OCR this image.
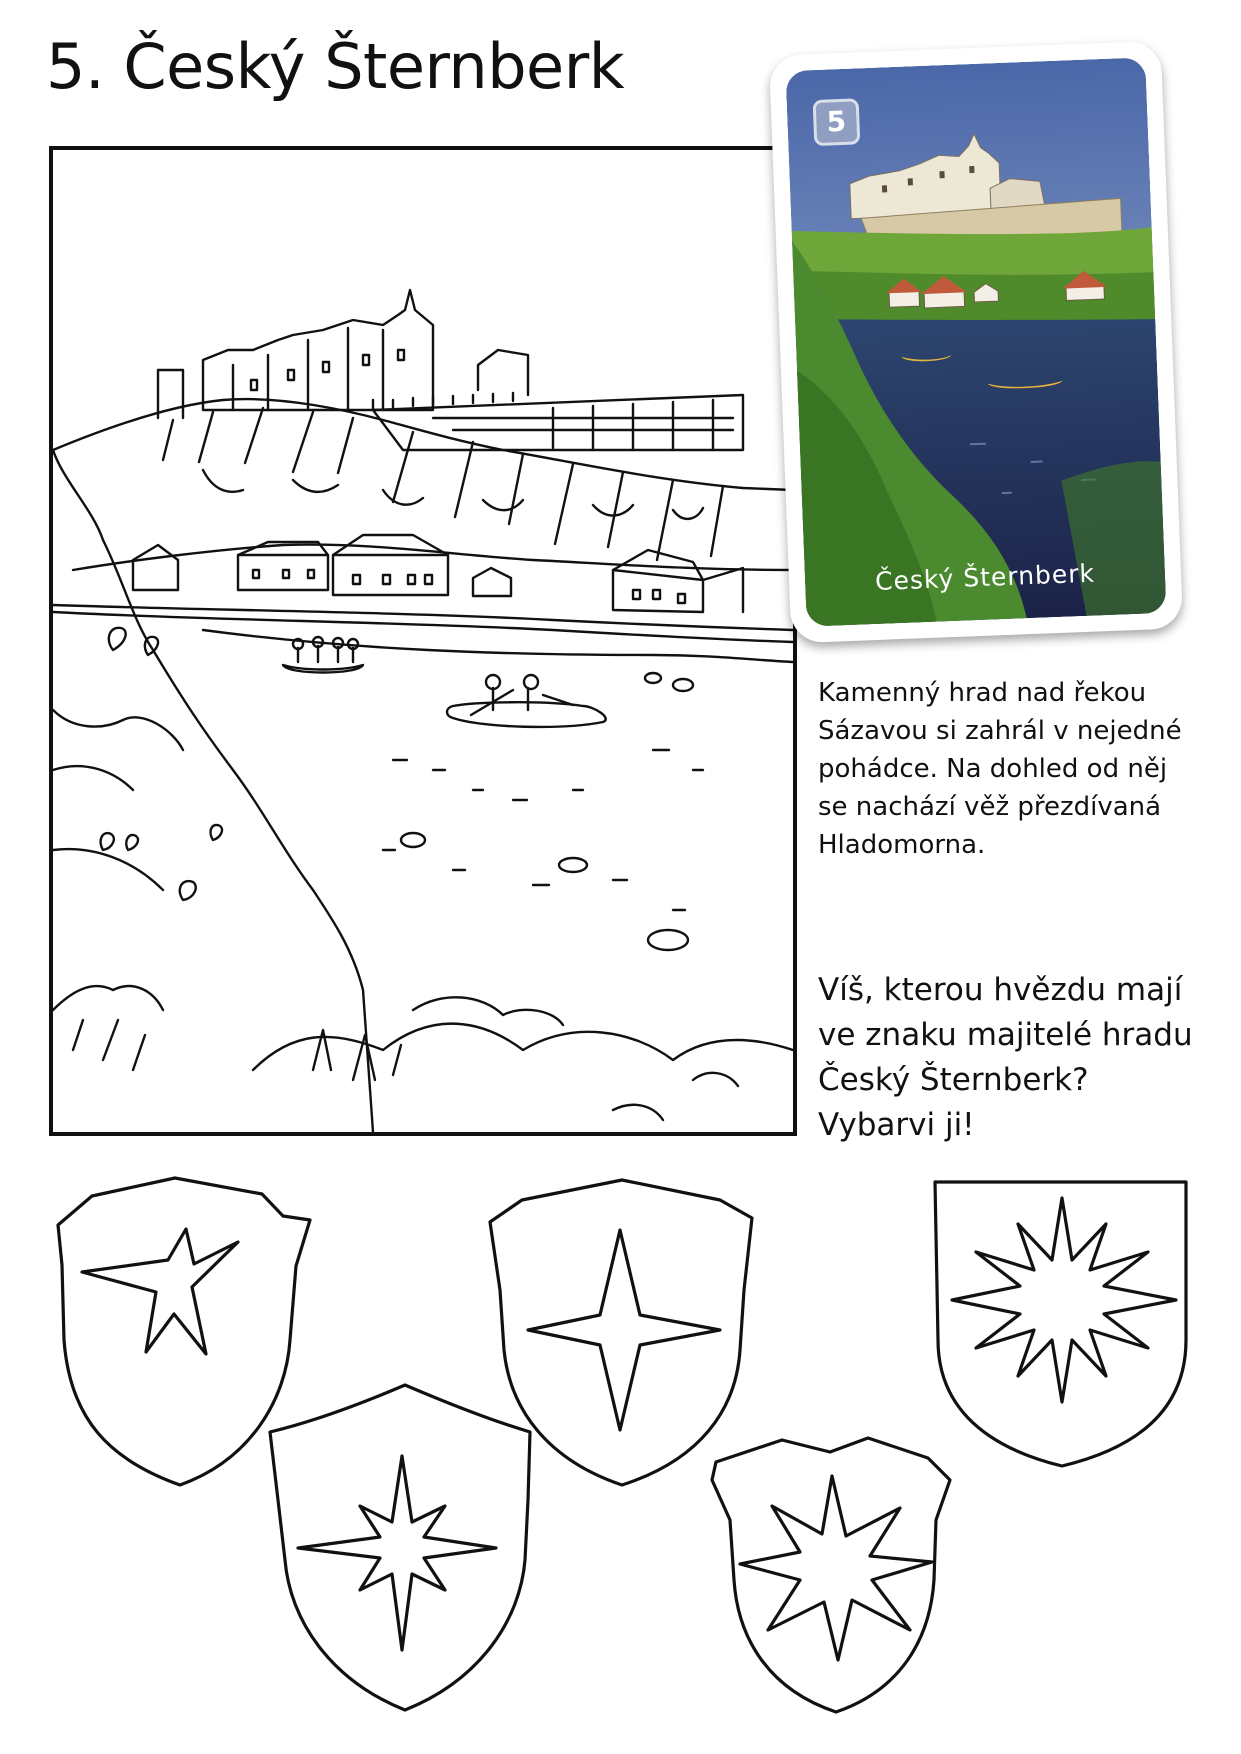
5. Český Šternberk
5
Český Šternberk
Kamenný hrad nad řekou Sázavou si zahrál v nejedné pohádce. Na dohled od něj se nachází věž přezdívaná Hladomorna.
Víš, kterou hvězdu mají ve znaku majitelé hradu Český Šternberk? Vybarvi ji!
